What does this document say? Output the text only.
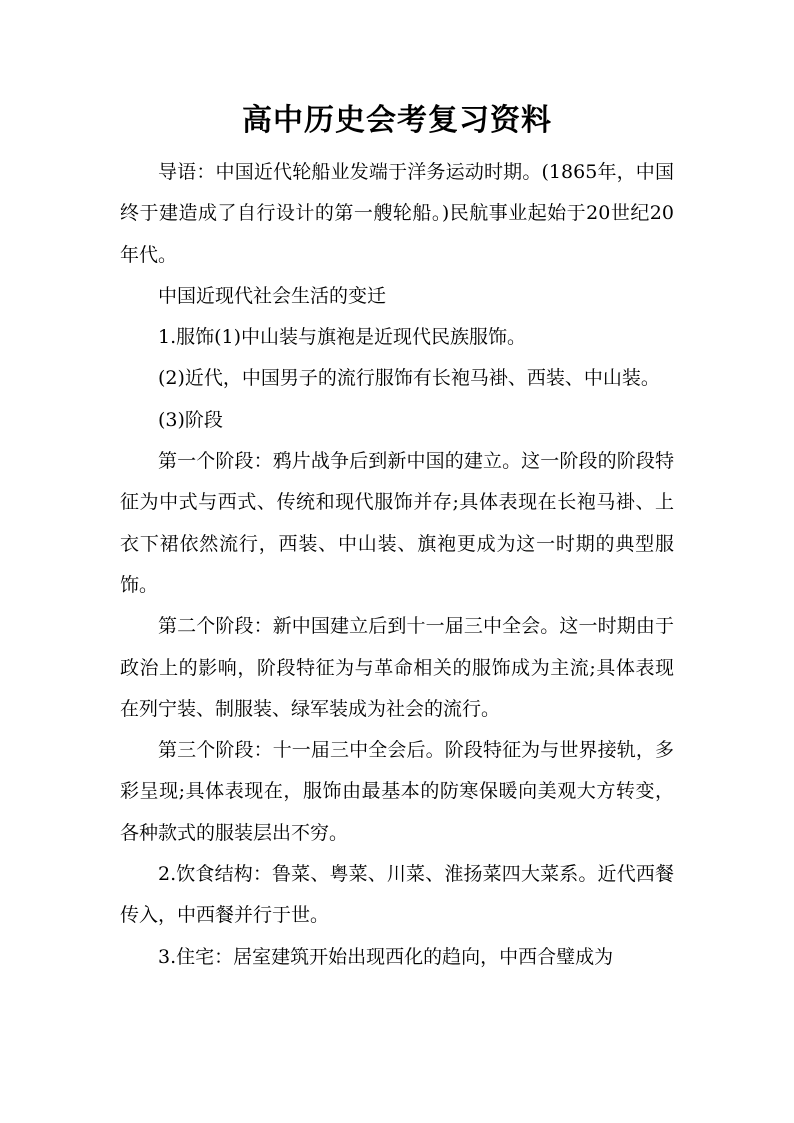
高中历史会考复习资料

导语：中国近代轮船业发端于洋务运动时期。(1865年，中国终于建造成了自行设计的第一艘轮船。)民航事业起始于20世纪20年代。

中国近现代社会生活的变迁

1.服饰(1)中山装与旗袍是近现代民族服饰。

(2)近代，中国男子的流行服饰有长袍马褂、西装、中山装。

(3)阶段

第一个阶段：鸦片战争后到新中国的建立。这一阶段的阶段特征为中式与西式、传统和现代服饰并存;具体表现在长袍马褂、上衣下裙依然流行，西装、中山装、旗袍更成为这一时期的典型服饰。

第二个阶段：新中国建立后到十一届三中全会。这一时期由于政治上的影响，阶段特征为与革命相关的服饰成为主流;具体表现在列宁装、制服装、绿军装成为社会的流行。

第三个阶段：十一届三中全会后。阶段特征为与世界接轨，多彩呈现;具体表现在，服饰由最基本的防寒保暖向美观大方转变，各种款式的服装层出不穷。

2.饮食结构：鲁菜、粤菜、川菜、淮扬菜四大菜系。近代西餐传入，中西餐并行于世。

3.住宅：居室建筑开始出现西化的趋向，中西合璧成为
